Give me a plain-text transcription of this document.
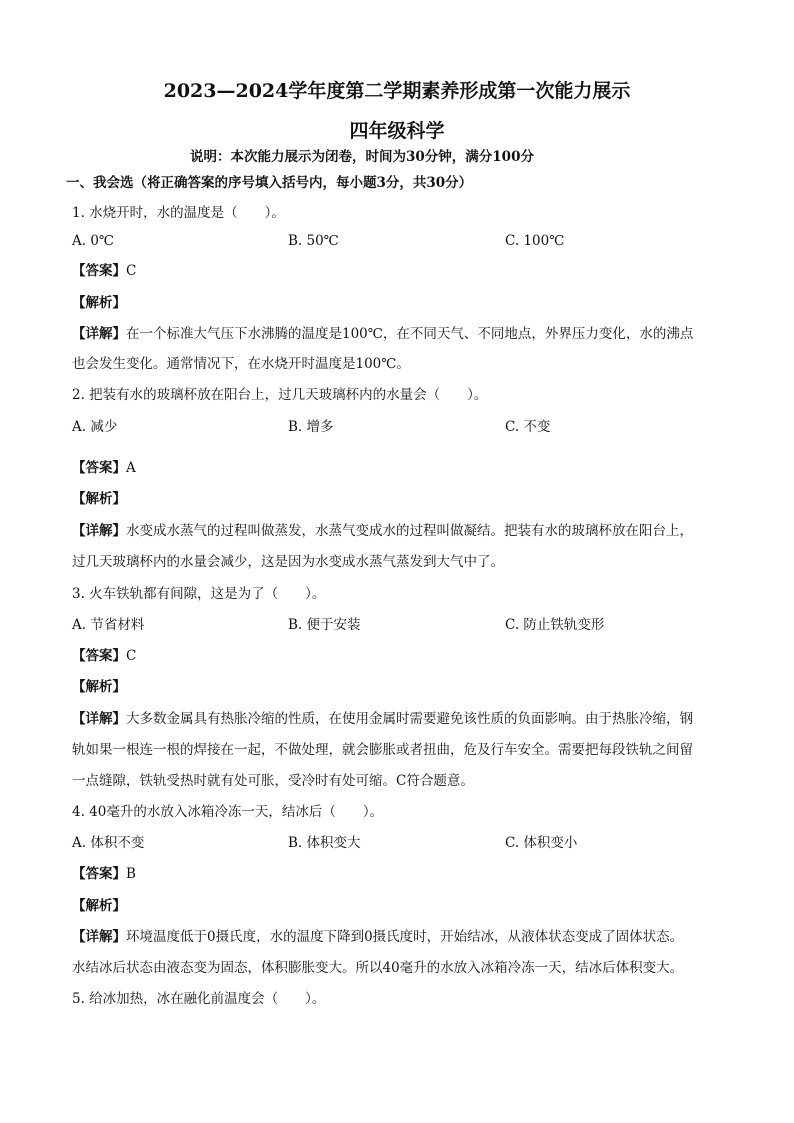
2023—2024学年度第二学期素养形成第一次能力展示
四年级科学
说明：本次能力展示为闭卷，时间为30分钟，满分100分
一、我会选（将正确答案的序号填入括号内，每小题3分，共30分）
1. 水烧开时，水的温度是（　　）。
A. 0℃	B. 50℃	C. 100℃
【答案】C
【解析】
【详解】在一个标准大气压下水沸腾的温度是100℃，在不同天气、不同地点，外界压力变化，水的沸点
也会发生变化。通常情况下，在水烧开时温度是100℃。
2. 把装有水的玻璃杯放在阳台上，过几天玻璃杯内的水量会（　　）。
A. 减少	B. 增多	C. 不变
【答案】A
【解析】
【详解】水变成水蒸气的过程叫做蒸发，水蒸气变成水的过程叫做凝结。把装有水的玻璃杯放在阳台上，
过几天玻璃杯内的水量会减少，这是因为水变成水蒸气蒸发到大气中了。
3. 火车铁轨都有间隙，这是为了（　　）。
A. 节省材料	B. 便于安装	C. 防止铁轨变形
【答案】C
【解析】
【详解】大多数金属具有热胀冷缩的性质，在使用金属时需要避免该性质的负面影响。由于热胀冷缩，钢
轨如果一根连一根的焊接在一起，不做处理，就会膨胀或者扭曲，危及行车安全。需要把每段铁轨之间留
一点缝隙，铁轨受热时就有处可胀，受冷时有处可缩。C符合题意。
4. 40毫升的水放入冰箱冷冻一天，结冰后（　　）。
A. 体积不变	B. 体积变大	C. 体积变小
【答案】B
【解析】
【详解】环境温度低于0摄氏度，水的温度下降到0摄氏度时，开始结冰，从液体状态变成了固体状态。
水结冰后状态由液态变为固态，体积膨胀变大。所以40毫升的水放入冰箱冷冻一天，结冰后体积变大。
5. 给冰加热，冰在融化前温度会（　　）。
